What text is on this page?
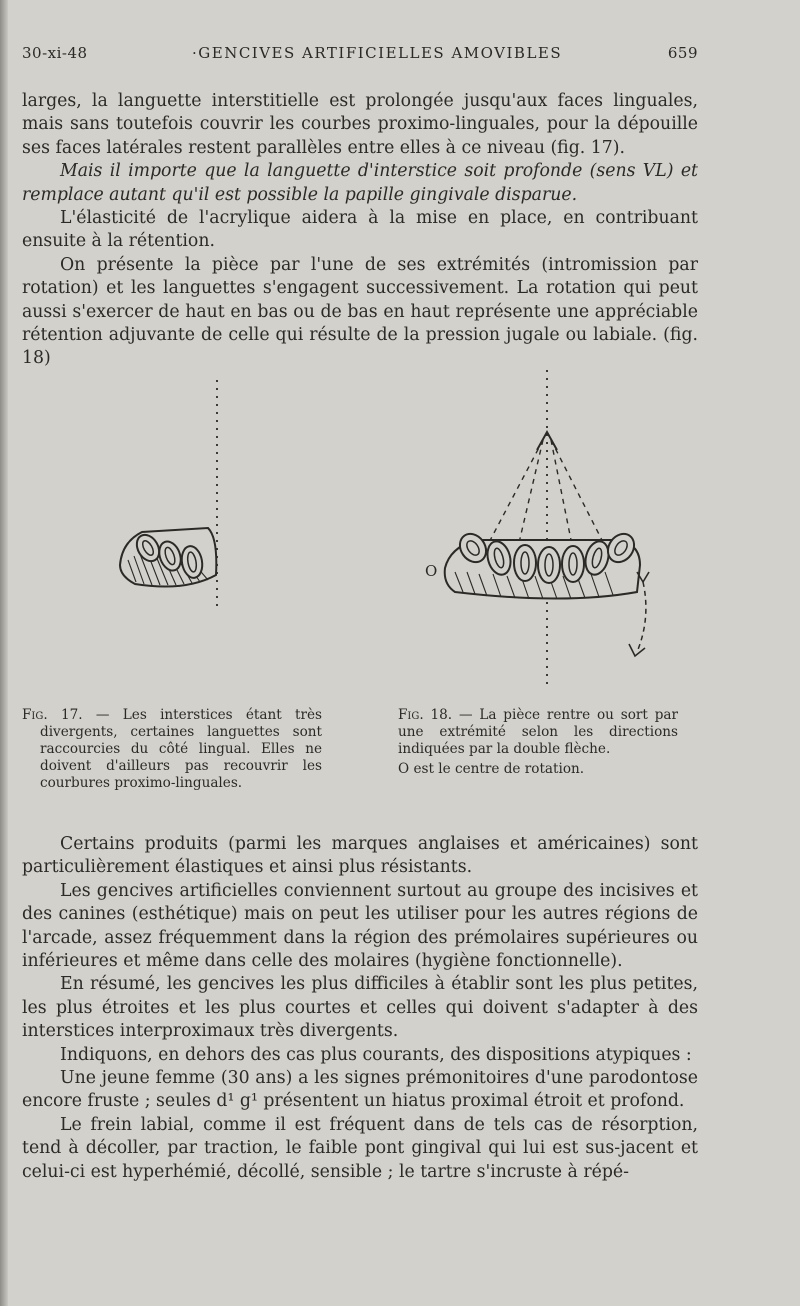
30-xi-48	·GENCIVES ARTIFICIELLES AMOVIBLES	659

larges, la languette interstitielle est prolongée jusqu'aux faces linguales, mais sans toutefois couvrir les courbes proximo-linguales, pour la dépouille ses faces latérales restent parallèles entre elles à ce niveau (fig. 17).

Mais il importe que la languette d'interstice soit profonde (sens VL) et remplace autant qu'il est possible la papille gingivale disparue.

L'élasticité de l'acrylique aidera à la mise en place, en contribuant ensuite à la rétention.

On présente la pièce par l'une de ses extrémités (intromission par rotation) et les languettes s'engagent successivement. La rotation qui peut aussi s'exercer de haut en bas ou de bas en haut représente une appréciable rétention adjuvante de celle qui résulte de la pression jugale ou labiale. (fig. 18)

O
Fig. 17. — Les interstices étant très divergents, certaines languettes sont raccourcies du côté lingual. Elles ne doivent d'ailleurs pas recouvrir les courbures proximo-linguales.
Fig. 18. — La pièce rentre ou sort par une extrémité selon les directions indiquées par la double flèche.
O est le centre de rotation.

Certains produits (parmi les marques anglaises et américaines) sont particulièrement élastiques et ainsi plus résistants.

Les gencives artificielles conviennent surtout au groupe des incisives et des canines (esthétique) mais on peut les utiliser pour les autres régions de l'arcade, assez fréquemment dans la région des prémolaires supérieures ou inférieures et même dans celle des molaires (hygiène fonctionnelle).

En résumé, les gencives les plus difficiles à établir sont les plus petites, les plus étroites et les plus courtes et celles qui doivent s'adapter à des interstices interproximaux très divergents.

Indiquons, en dehors des cas plus courants, des dispositions atypiques :

Une jeune femme (30 ans) a les signes prémonitoires d'une parodontose encore fruste ; seules d¹ g¹ présentent un hiatus proximal étroit et profond.

Le frein labial, comme il est fréquent dans de tels cas de résorption, tend à décoller, par traction, le faible pont gingival qui lui est sus-jacent et celui-ci est hyperhémié, décollé, sensible ; le tartre s'incruste à répé-
